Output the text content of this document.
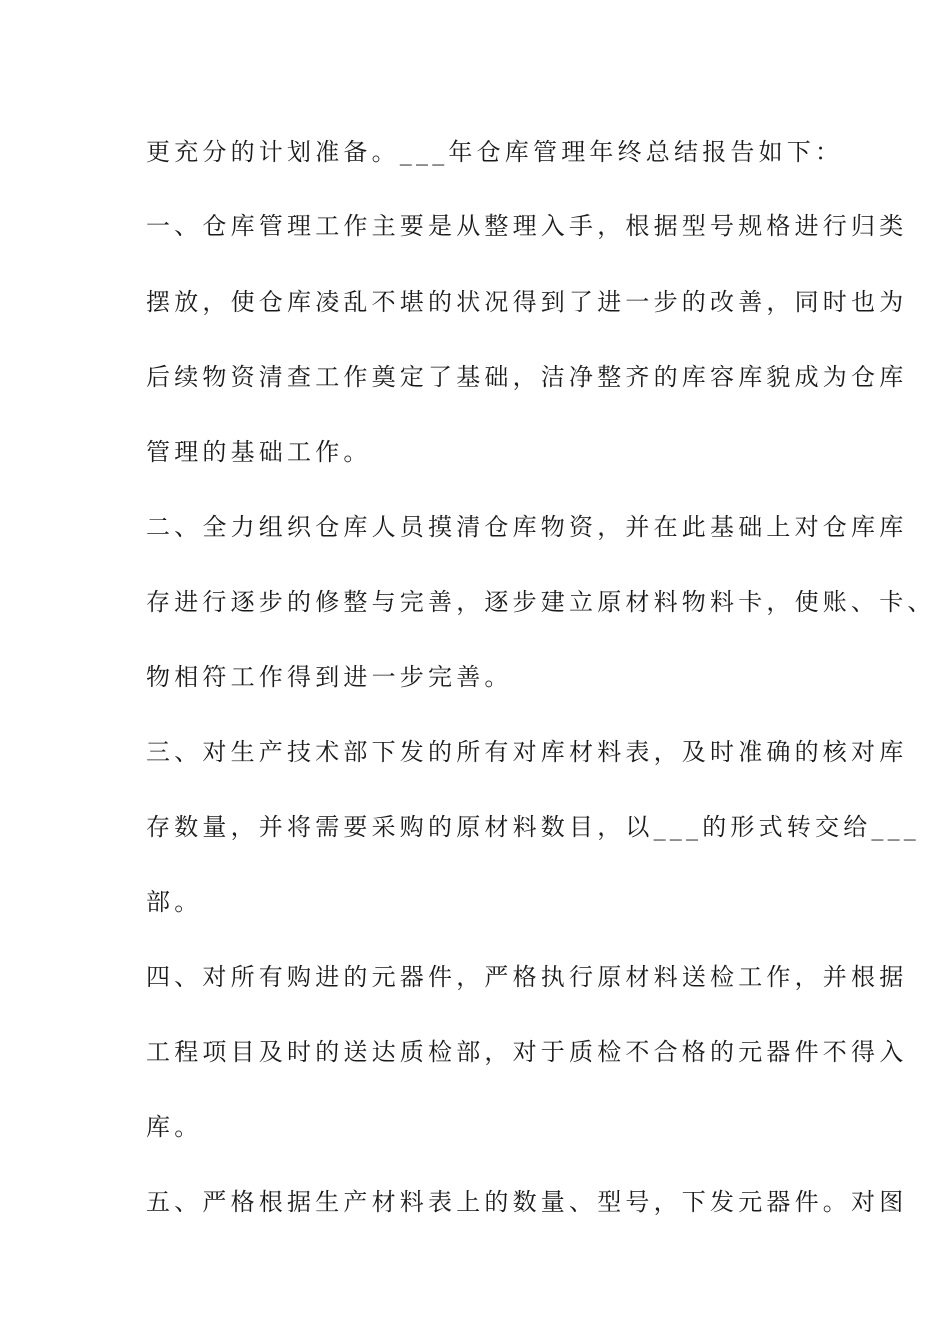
更充分的计划准备。___年仓库管理年终总结报告如下：
一、仓库管理工作主要是从整理入手，根据型号规格进行归类
摆放，使仓库凌乱不堪的状况得到了进一步的改善，同时也为
后续物资清查工作奠定了基础，洁净整齐的库容库貌成为仓库
管理的基础工作。
二、全力组织仓库人员摸清仓库物资，并在此基础上对仓库库
存进行逐步的修整与完善，逐步建立原材料物料卡，使账、卡、
物相符工作得到进一步完善。
三、对生产技术部下发的所有对库材料表，及时准确的核对库
存数量，并将需要采购的原材料数目，以___的形式转交给___
部。
四、对所有购进的元器件，严格执行原材料送检工作，并根据
工程项目及时的送达质检部，对于质检不合格的元器件不得入
库。
五、严格根据生产材料表上的数量、型号，下发元器件。对图
